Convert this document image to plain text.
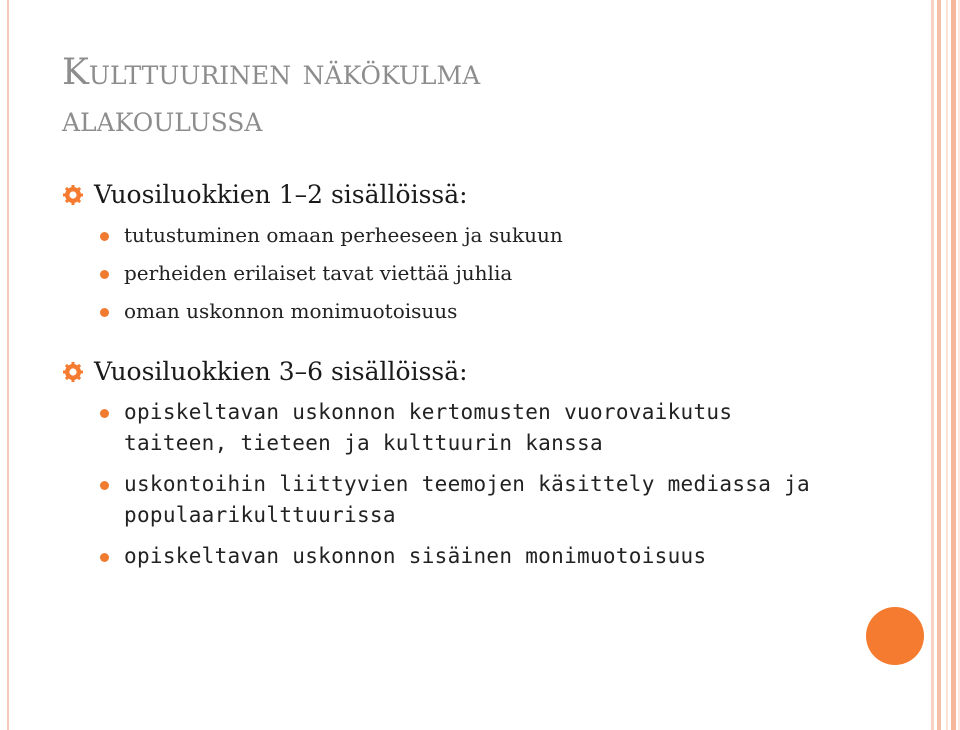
Kulttuurinen näkökulma
alakoulussa
Vuosiluokkien 1–2 sisällöissä:
tutustuminen omaan perheeseen ja sukuun
perheiden erilaiset tavat viettää juhlia
oman uskonnon monimuotoisuus
Vuosiluokkien 3–6 sisällöissä:
opiskeltavan uskonnon kertomusten vuorovaikutus taiteen, tieteen ja kulttuurin kanssa
uskontoihin liittyvien teemojen käsittely mediassa ja populaarikulttuurissa
opiskeltavan uskonnon sisäinen monimuotoisuus
